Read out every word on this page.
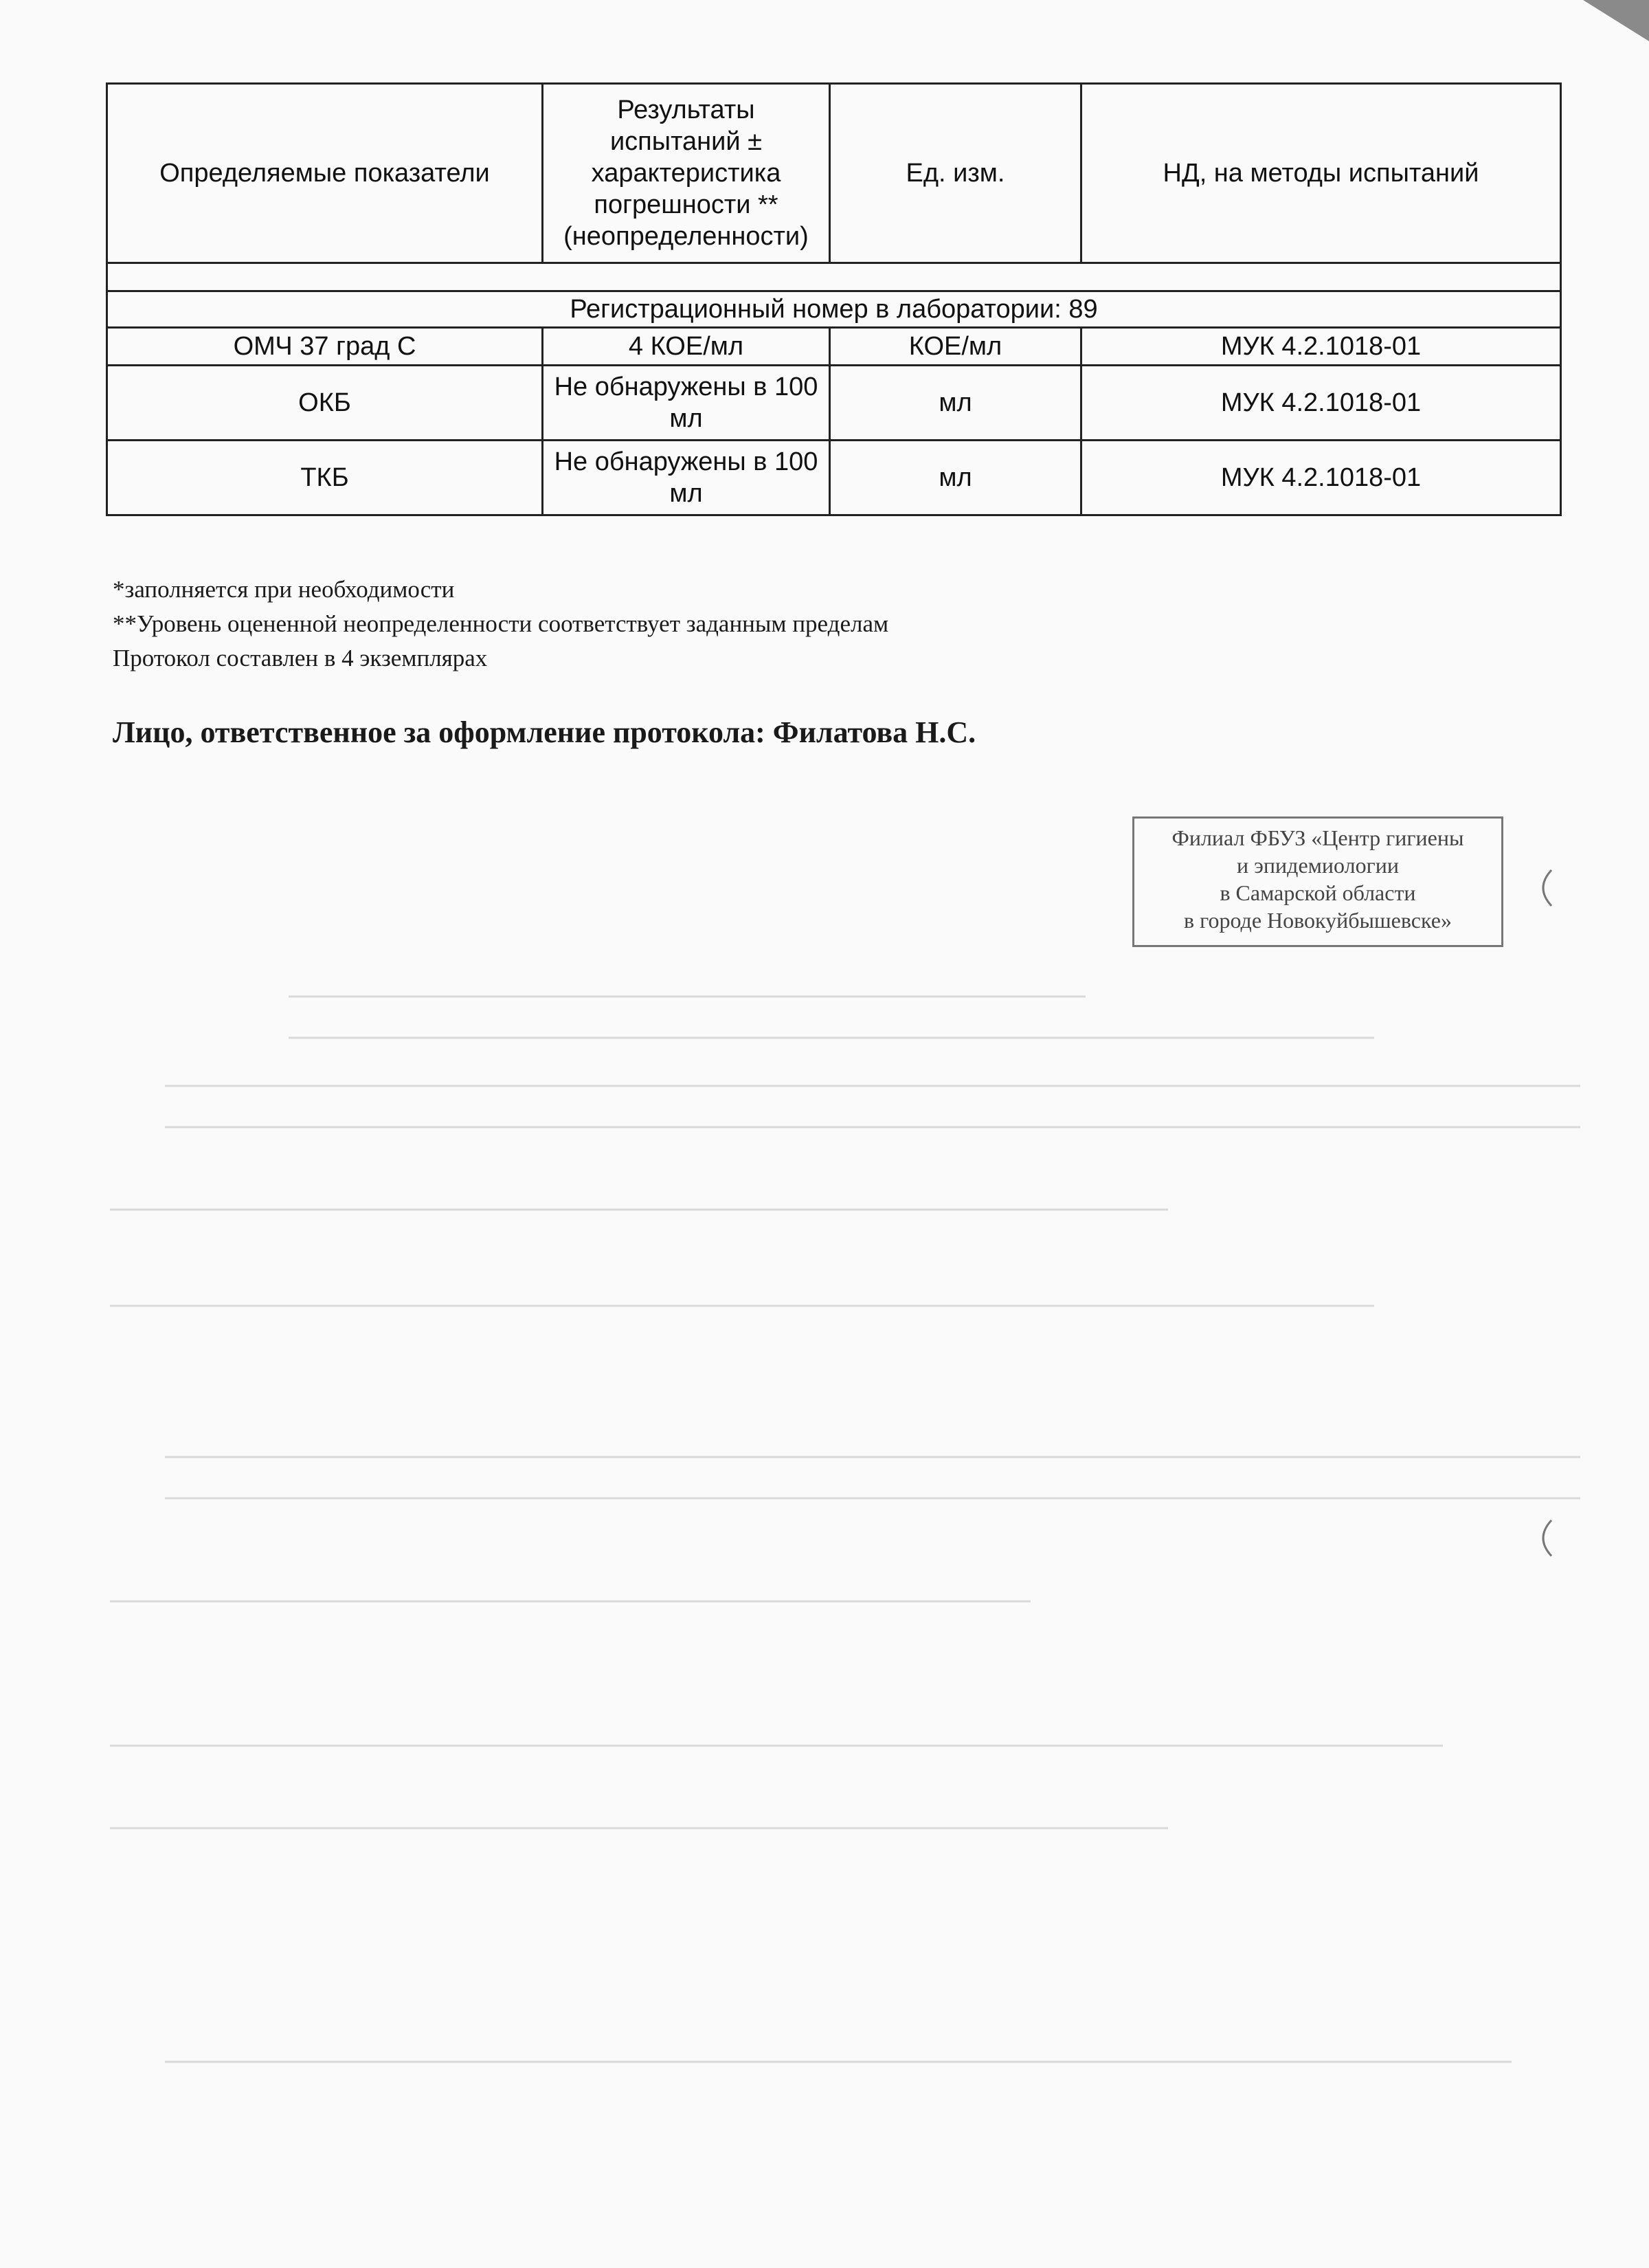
Определяемые показатели	Результаты испытаний ± характеристика погрешности **(неопределенности)	Ед. изм.	НД, на методы испытаний

Регистрационный номер в лаборатории: 89			
ОМЧ 37 град С	4 КОЕ/мл	КОЕ/мл	МУК 4.2.1018-01
ОКБ	Не обнаружены в 100 мл	мл	МУК 4.2.1018-01
ТКБ	Не обнаружены в 100 мл	мл	МУК 4.2.1018-01
*заполняется при необходимости
**Уровень оцененной неопределенности соответствует заданным пределам
Протокол составлен в 4 экземплярах
Лицо, ответственное за оформление протокола: Филатова Н.С.
Филиал ФБУЗ «Центр гигиены
и эпидемиологии
в Самарской области
в городе Новокуйбышевске»
